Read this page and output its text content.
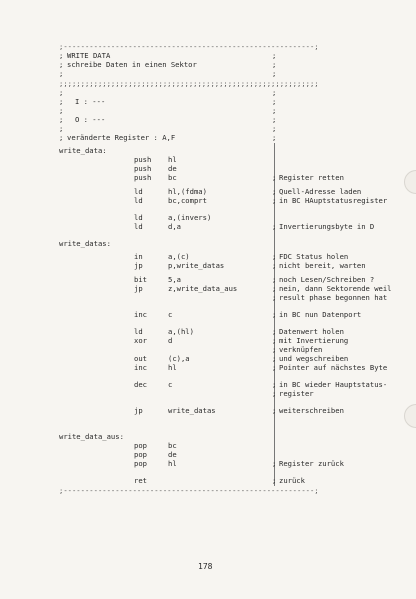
;----------------------------------------------------------;

; WRITE DATA	;

; schreibe Daten in einen Sektor	;

;	;
;;;;;;;;;;;;;;;;;;;;;;;;;;;;;;;;;;;;;;;;;;;;;;;;;;;;;;;;;;;;
;	;

; I : ---	;

;	;

; O : ---	;

;	;

; veränderte Register : A,F	;

write_data:
push hl
push de
push bc	; Register retten
ld	hl,(fdma)	; Quell-Adresse laden
ld	bc,comprt	; in BC HAuptstatusregister
ld	a,(invers)
ld	d,a	; Invertierungsbyte in D
write_datas:
in	a,(c)	; FDC Status holen
jp	p,write_datas	; nicht bereit, warten
bit	5,a	; noch Lesen/Schreiben ?
jp	z,write_data_aus	; nein, dann Sektorende weil
; result phase begonnen hat
inc	c	; in BC nun Datenport
ld	a,(hl)	; Datenwert holen
xor	d	; mit Invertierung
; verknüpfen
out	(c),a	; und wegschreiben
inc	hl	; Pointer auf nächstes Byte
dec	c	; in BC wieder Hauptstatus-
; register
jp	write_datas	; weiterschreiben
write_data_aus:
pop	bc
pop	de
pop	hl	; Register zurück
ret	; zurück
;----------------------------------------------------------;
178
